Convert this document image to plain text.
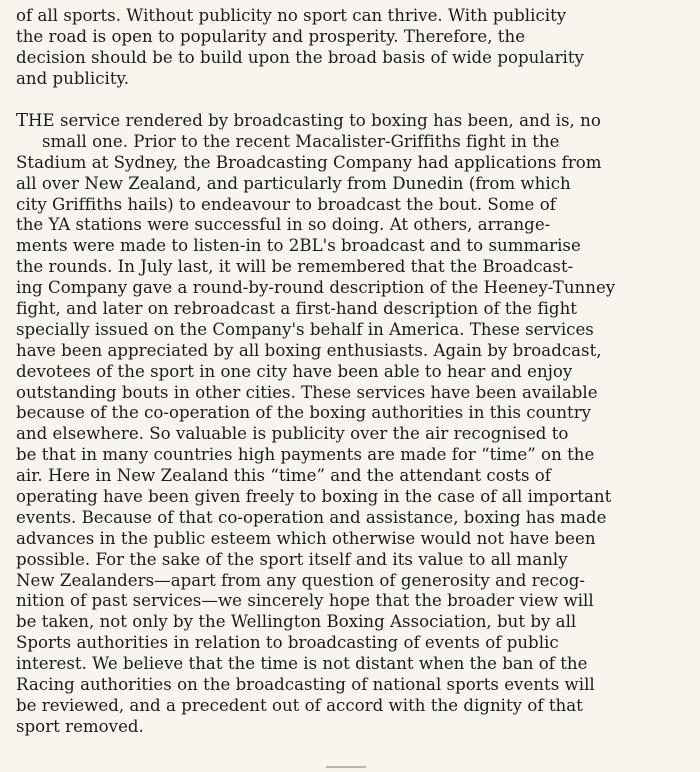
of all sports. Without publicity no sport can thrive. With publicity
the road is open to popularity and prosperity. Therefore, the
decision should be to build upon the broad basis of wide popularity
and publicity.
THE service rendered by broadcasting to boxing has been, and is, no
small one. Prior to the recent Macalister-Griffiths fight in the
Stadium at Sydney, the Broadcasting Company had applications from
all over New Zealand, and particularly from Dunedin (from which
city Griffiths hails) to endeavour to broadcast the bout. Some of
the YA stations were successful in so doing. At others, arrange-
ments were made to listen-in to 2BL's broadcast and to summarise
the rounds. In July last, it will be remembered that the Broadcast-
ing Company gave a round-by-round description of the Heeney-Tunney
fight, and later on rebroadcast a first-hand description of the fight
specially issued on the Company's behalf in America. These services
have been appreciated by all boxing enthusiasts. Again by broadcast,
devotees of the sport in one city have been able to hear and enjoy
outstanding bouts in other cities. These services have been available
because of the co-operation of the boxing authorities in this country
and elsewhere. So valuable is publicity over the air recognised to
be that in many countries high payments are made for “time” on the
air. Here in New Zealand this “time” and the attendant costs of
operating have been given freely to boxing in the case of all important
events. Because of that co-operation and assistance, boxing has made
advances in the public esteem which otherwise would not have been
possible. For the sake of the sport itself and its value to all manly
New Zealanders—apart from any question of generosity and recog-
nition of past services—we sincerely hope that the broader view will
be taken, not only by the Wellington Boxing Association, but by all
Sports authorities in relation to broadcasting of events of public
interest. We believe that the time is not distant when the ban of the
Racing authorities on the broadcasting of national sports events will
be reviewed, and a precedent out of accord with the dignity of that
sport removed.
